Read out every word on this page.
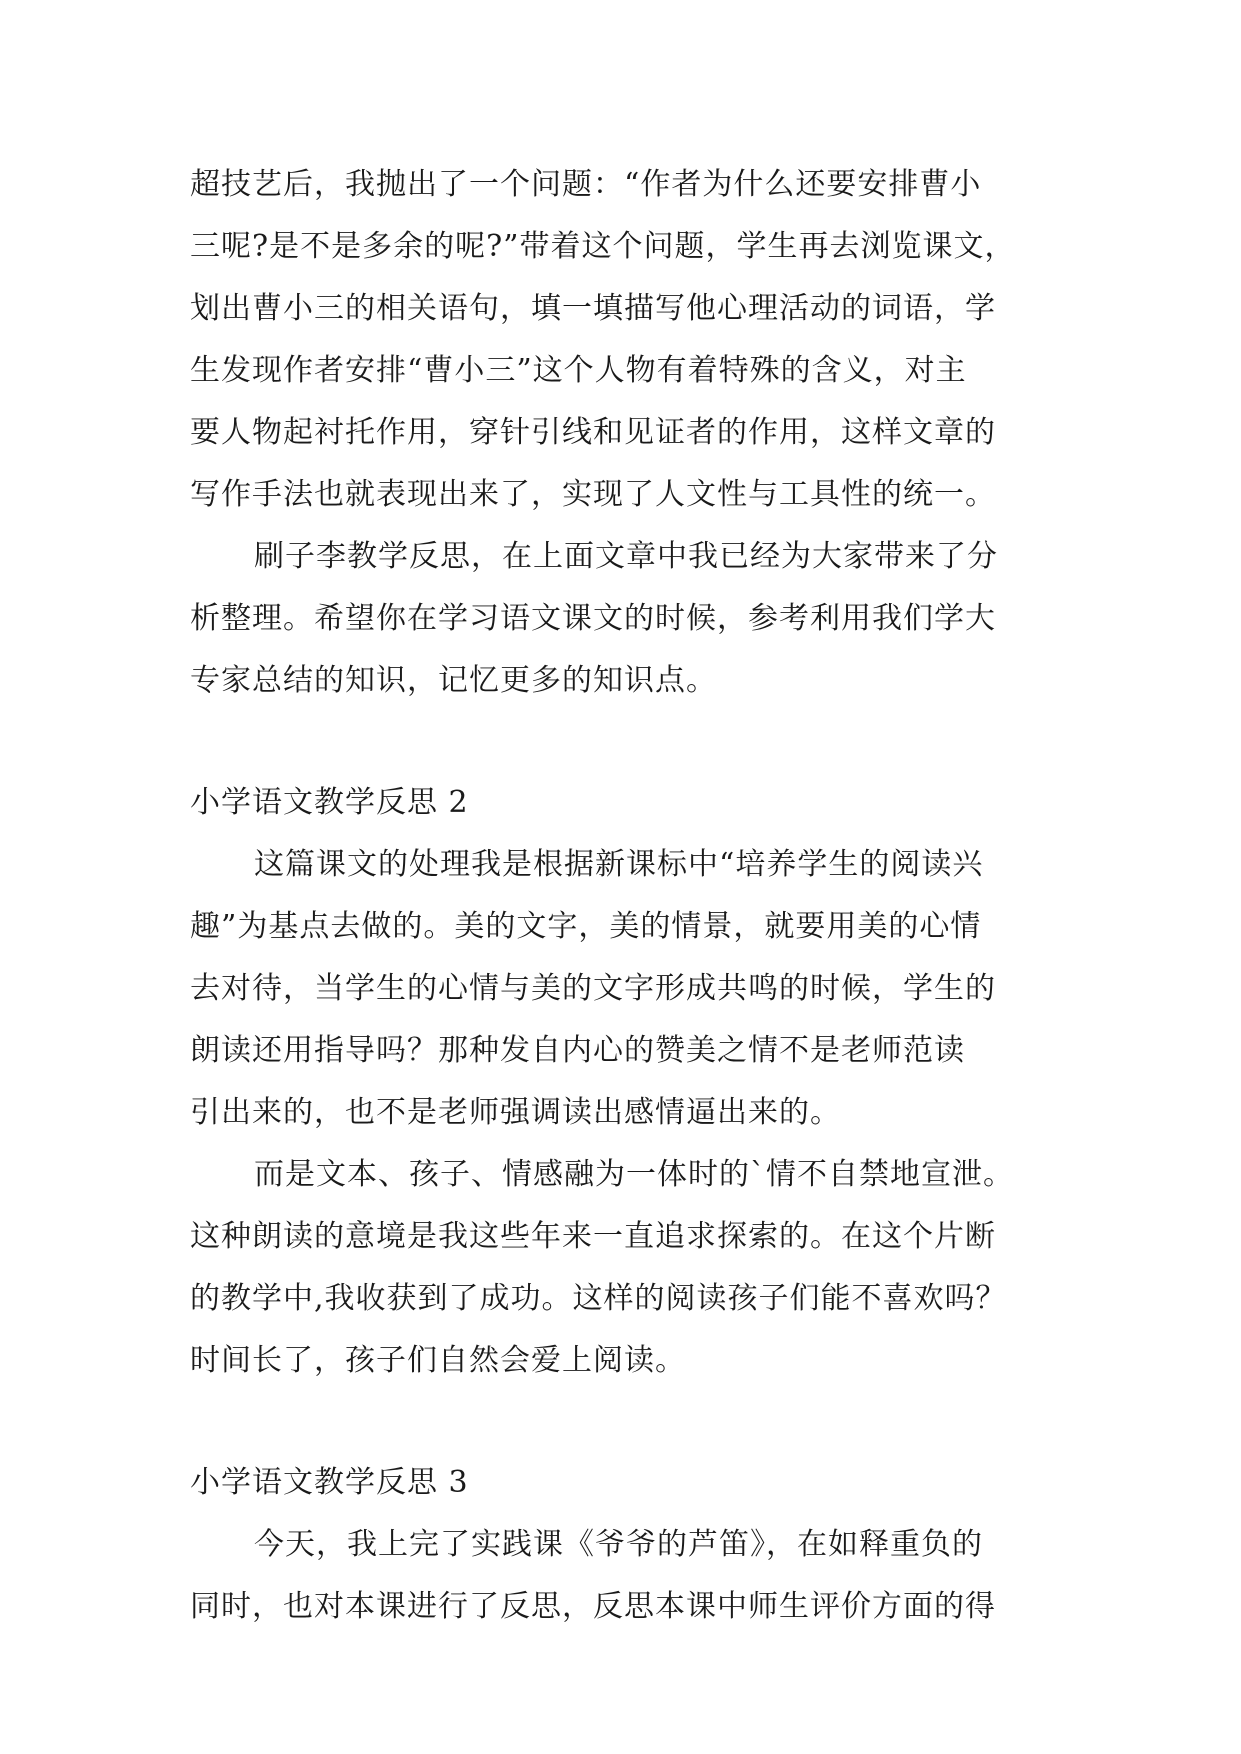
超技艺后，我抛出了一个问题：“作者为什么还要安排曹小
三呢?是不是多余的呢?”带着这个问题，学生再去浏览课文，
划出曹小三的相关语句，填一填描写他心理活动的词语，学
生发现作者安排“曹小三”这个人物有着特殊的含义，对主
要人物起衬托作用，穿针引线和见证者的作用，这样文章的
写作手法也就表现出来了，实现了人文性与工具性的统一。
刷子李教学反思，在上面文章中我已经为大家带来了分
析整理。希望你在学习语文课文的时候，参考利用我们学大
专家总结的知识，记忆更多的知识点。
小学语文教学反思 2
这篇课文的处理我是根据新课标中“培养学生的阅读兴
趣”为基点去做的。美的文字，美的情景，就要用美的心情
去对待，当学生的心情与美的文字形成共鸣的时候，学生的
朗读还用指导吗？那种发自内心的赞美之情不是老师范读
引出来的，也不是老师强调读出感情逼出来的。
而是文本、孩子、情感融为一体时的`情不自禁地宣泄。
这种朗读的意境是我这些年来一直追求探索的。在这个片断
的教学中,我收获到了成功。这样的阅读孩子们能不喜欢吗？
时间长了，孩子们自然会爱上阅读。
小学语文教学反思 3
今天，我上完了实践课《爷爷的芦笛》，在如释重负的
同时，也对本课进行了反思，反思本课中师生评价方面的得
